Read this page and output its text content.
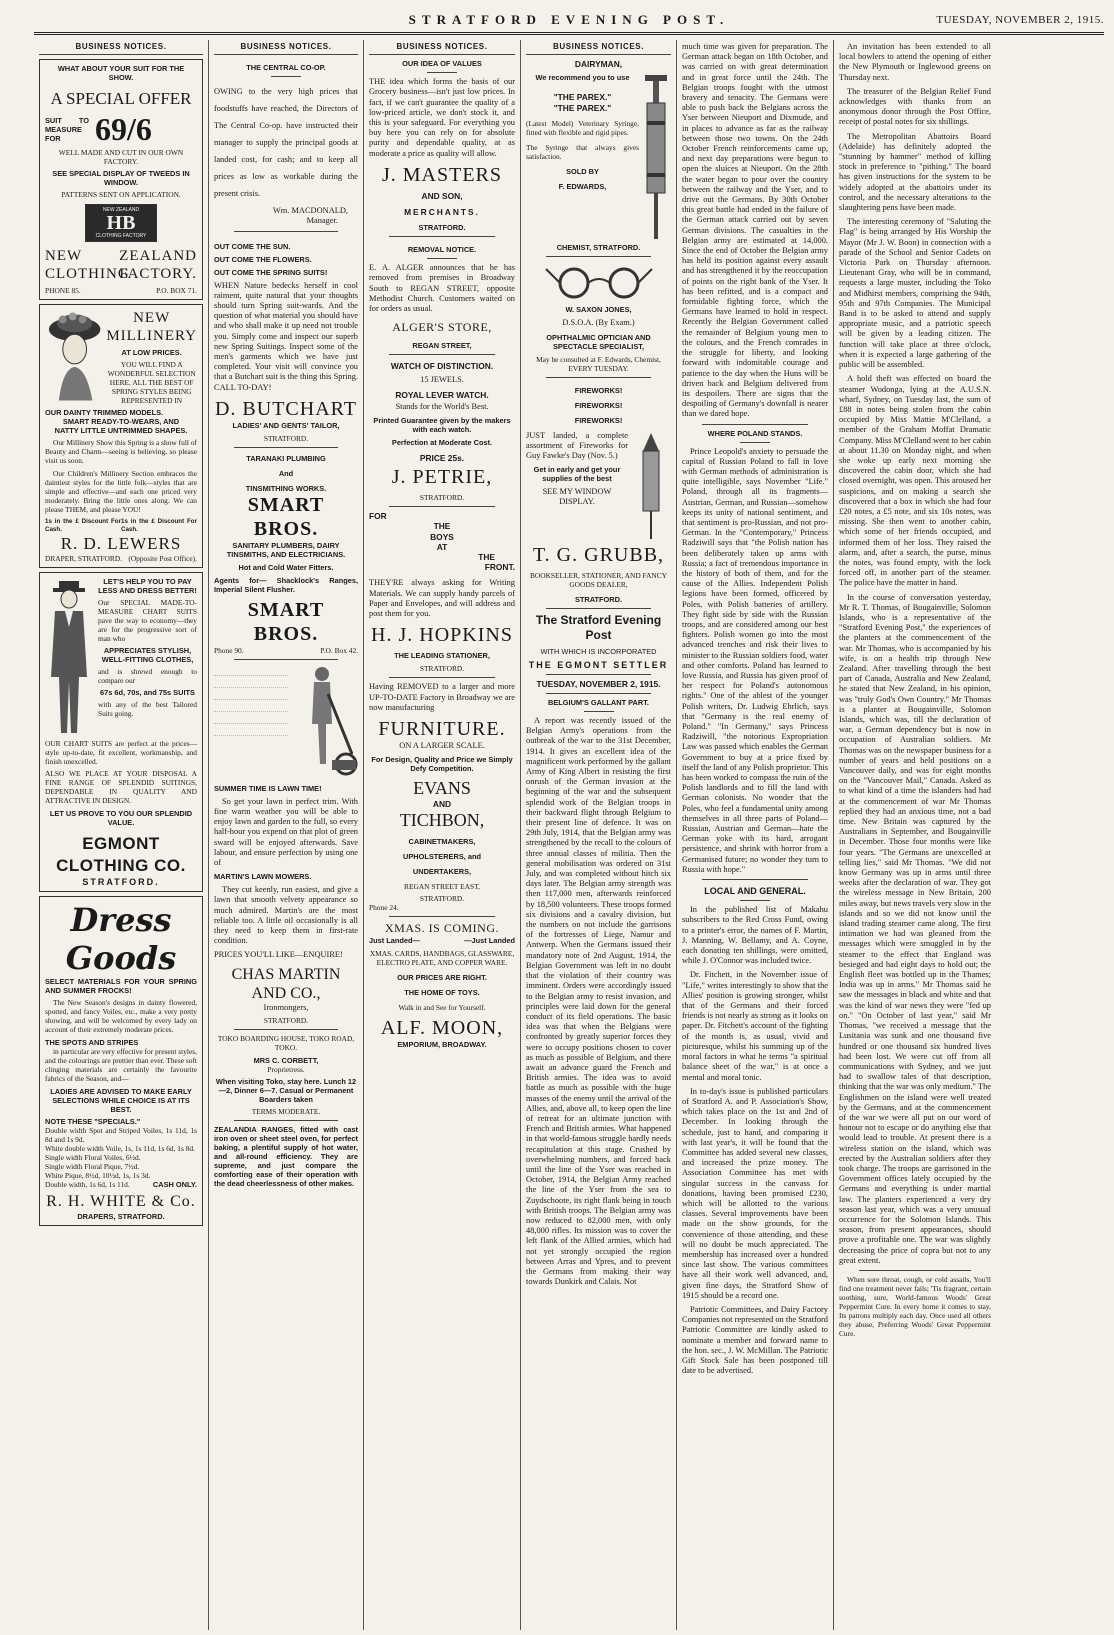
STRATFORD EVENING POST.	TUESDAY, NOVEMBER 2, 1915.
BUSINESS NOTICES.
WHAT ABOUT YOUR SUIT FOR THE SHOW.
A SPECIAL OFFER
SUIT TO MEASURE FOR	69/6
WELL MADE AND CUT IN OUR OWN FACTORY.
SEE SPECIAL DISPLAY OF TWEEDS IN WINDOW.
PATTERNS SENT ON APPLICATION.
NEW ZEALAND
HB
CLOTHING FACTORY
NEW CLOTHING
ZEALAND FACTORY.
PHONE 85.	P.O. BOX 71.
NEW
MILLINERY
AT LOW PRICES.
YOU WILL FIND A WONDERFUL SELECTION HERE. ALL THE BEST OF SPRING STYLES BEING REPRESENTED IN
OUR DAINTY TRIMMED MODELS.
SMART READY-TO-WEARS, AND
NATTY LITTLE UNTRIMMED SHAPES.

Our Millinery Show this Spring is a show full of Beauty and Charm—seeing is believing, so please visit us soon.

Our Children's Millinery Section embraces the daintiest styles for the little folk—styles that are simple and effective—and each one priced very moderately. Bring the little ones along. We can please THEM, and please YOU!

1s in the £ Discount For Cash.
1s in the £ Discount For Cash.
R. D. LEWERS
DRAPER, STRATFORD. (Opposite Post Office).
LET'S HELP YOU TO PAY LESS AND DRESS BETTER!
Our SPECIAL MADE-TO-MEASURE CHART SUITS pave the way to economy—they are for the progressive sort of man who
APPRECIATES STYLISH, WELL-FITTING CLOTHES,
and is shrewd enough to compare our
67s 6d, 70s, and 75s SUITS
with any of the best Tailored Suits going.
OUR CHART SUITS are perfect at the prices—style up-to-date, fit excellent, workmanship, and finish unexcelled.
ALSO WE PLACE AT YOUR DISPOSAL A FINE RANGE OF SPLENDID SUITINGS, DEPENDABLE IN QUALITY AND ATTRACTIVE IN DESIGN.
LET US PROVE TO YOU OUR SPLENDID VALUE.
EGMONT CLOTHING CO.
STRATFORD.
Dress Goods
SELECT MATERIALS FOR YOUR SPRING AND SUMMER FROCKS!

The New Season's designs in dainty flowered, spotted, and fancy Voiles, etc., make a very pretty showing, and will be welcomed by every lady on account of their extremely moderate prices.

THE SPOTS AND STRIPES

in particular are very effective for present styles, and the colourings are prettier than ever. These soft clinging materials are certainly the favourite fabrics of the Season, and—

LADIES ARE ADVISED TO MAKE EARLY SELECTIONS WHILE CHOICE IS AT ITS BEST.
NOTE THESE "SPECIALS."
Double width Spot and Striped Voiles, 1s 11d, 1s 8d and 1s 9d.
White double width Voile, 1s, 1s 11d, 1s 6d, 1s 8d.
Single width Floral Voiles, 6½d.
Single width Floral Pique, 7½d.
White Pique, 8½d, 10½d, 1s, 1s 3d.
Double width, 1s 6d, 1s 11d.	CASH ONLY.
R. H. WHITE & Co.
DRAPERS, STRATFORD.
BUSINESS NOTICES.
THE CENTRAL CO-OP.

OWING to the very high prices that foodstuffs have reached, the Directors of The Central Co-op. have instructed their manager to supply the principal goods at landed cost, for cash; and to keep all prices as low as workable during the present crisis.

Wm. MACDONALD,
Manager.
OUT COME THE SUN.
OUT COME THE FLOWERS.
OUT COME THE SPRING SUITS!

WHEN Nature bedecks herself in cool raiment, quite natural that your thoughts should turn Spring suit-wards. And the question of what material you should have and who shall make it up need not trouble you. Simply come and inspect our superb new Spring Suitings. Inspect some of the men's garments which we have just completed. Your visit will convince you that a Butchart suit is the thing this Spring. CALL TO-DAY!

D. BUTCHART
LADIES' AND GENTS' TAILOR,
STRATFORD.
TARANAKI PLUMBING
And
TINSMITHING WORKS.
SMART BROS.
SANITARY PLUMBERS, DAIRY TINSMITHS, AND ELECTRICIANS.
Hot and Cold Water Fitters.
Agents for— Shacklock's Ranges, Imperial Silent Flusher.
SMART BROS.
Phone 90.	P.O. Box 42.
SUMMER TIME IS LAWN TIME!

So get your lawn in perfect trim. With fine warm weather you will be able to enjoy lawn and garden to the full, so every half-hour you expend on that plot of green sward will be enjoyed afterwards. Save labour, and ensure perfection by using one of

MARTIN'S LAWN MOWERS.

They cut keenly, run easiest, and give a lawn that smooth velvety appearance so much admired. Martin's are the most reliable too. A little oil occasionally is all they need to keep them in first-rate condition.

PRICES YOU'LL LIKE—ENQUIRE!
CHAS MARTIN AND CO.,
Ironmongers,
STRATFORD.
TOKO BOARDING HOUSE, TOKO ROAD, TOKO.
MRS C. CORBETT,
Proprietress.
When visiting Toko, stay here. Lunch 12—2, Dinner 6—7. Casual or Permanent Boarders taken
TERMS MODERATE.
ZEALANDIA RANGES, fitted with cast iron oven or sheet steel oven, for perfect baking, a plentiful supply of hot water, and all-round efficiency. They are supreme, and just compare the comforting ease of their operation with the dead cheerlessness of other makes.
BUSINESS NOTICES.
OUR IDEA OF VALUES

THE idea which forms the basis of our Grocery business—isn't just low prices. In fact, if we can't guarantee the quality of a low-priced article, we don't stock it, and this is your safeguard. For everything you buy here you can rely on for absolute purity and dependable quality, at as moderate a price as quality will allow.

J. MASTERS
AND SON,
MERCHANTS.
STRATFORD.
REMOVAL NOTICE.

E. A. ALGER announces that he has removed from premises in Broadway South to REGAN STREET, opposite Methodist Church. Customers waited on for orders as usual.

ALGER'S STORE,
REGAN STREET,
WATCH OF DISTINCTION.
15 JEWELS.
ROYAL LEVER WATCH.
Stands for the World's Best.
Printed Guarantee given by the makers with each watch.
Perfection at Moderate Cost.
PRICE 25s.
J. PETRIE,
STRATFORD.
FOR
THE
BOYS
AT
THE
FRONT.

THEY'RE always asking for Writing Materials. We can supply handy parcels of Paper and Envelopes, and will address and post them for you.

H. J. HOPKINS
THE LEADING STATIONER,
STRATFORD.

Having REMOVED to a larger and more UP-TO-DATE Factory in Broadway we are now manufacturing

FURNITURE.
ON A LARGER SCALE.
For Design, Quality and Price we Simply Defy Competition.
EVANS
AND
TICHBON,
CABINETMAKERS,
UPHOLSTERERS, and
UNDERTAKERS,
REGAN STREET EAST,
STRATFORD.
Phone 24.
XMAS. IS COMING.
Just Landed—	—Just Landed
XMAS. CARDS, HANDBAGS, GLASSWARE, ELECTRO PLATE, AND COPPER WARE.
OUR PRICES ARE RIGHT.
THE HOME OF TOYS.
Walk in and See for Yourself.
ALF. MOON,
EMPORIUM, BROADWAY.
BUSINESS NOTICES.
DAIRYMAN,
We recommend you to use
"THE PAREX."
"THE PAREX."
(Latest Model) Veterinary Syringe, fitted with flexible and rigid pipes.
The Syringe that always gives satisfaction.
SOLD BY
F. EDWARDS,
CHEMIST, STRATFORD.
W. SAXON JONES,
D.S.O.A. (By Exam.)
OPHTHALMIC OPTICIAN AND SPECTACLE SPECIALIST,
May be consulted at F. Edwards, Chemist, EVERY TUESDAY.
FIREWORKS!
FIREWORKS!
FIREWORKS!

JUST landed, a complete assortment of Fireworks for Guy Fawke's Day (Nov. 5.)

Get in early and get your supplies of the best
SEE MY WINDOW DISPLAY.
T. G. GRUBB,
BOOKSELLER, STATIONER, AND FANCY GOODS DEALER,
STRATFORD.
The Stratford Evening Post
WITH WHICH IS INCORPORATED
THE EGMONT SETTLER
TUESDAY, NOVEMBER 2, 1915.
BELGIUM'S GALLANT PART.

A report was recently issued of the Belgian Army's operations from the outbreak of the war to the 31st December, 1914. It gives an excellent idea of the magnificent work performed by the gallant Army of King Albert in resisting the first onrush of the German invasion at the beginning of the war and the subsequent splendid work of the Belgian troops in their backward flight through Belgium to their present line of defence. It was on 29th July, 1914, that the Belgian army was strengthened by the recall to the colours of three annual classes of militia. Then the general mobilisation was ordered on 31st July, and was completed without hitch six days later. The Belgian army strength was then 117,000 men, afterwards reinforced by 18,500 volunteers. These troops formed six divisions and a cavalry division, but the numbers on not include the garrisons of the fortresses of Liege, Namur and Antwerp. When the Germans issued their mandatory note of 2nd August, 1914, the Belgian Government was left in no doubt that the violation of their country was imminent. Orders were accordingly issued to the Belgian army to resist invasion, and principles were laid down for the general conduct of its field operations. The basic idea was that when the Belgians were confronted by greatly superior forces they were to occupy positions chosen to cover as much as possible of Belgium, and there await an advance guard the French and British armies. The idea was to avoid battle as much as possible with the huge masses of the enemy until the arrival of the Allies, and, above all, to keep open the line of retreat for an ultimate junction with French and British armies. What happened in that world-famous struggle hardly needs recapitulation at this stage. Crushed by overwhelming numbers, and forced back until the line of the Yser was reached in October, 1914, the Belgian Army reached the line of the Yser from the sea to Zuydschoote, its right flank being in touch with British troops. The Belgian army was now reduced to 82,000 men, with only 48,000 rifles. Its mission was to cover the left flank of the Allied armies, which had not yet strongly occupied the region between Arras and Ypres, and to prevent the Germans from making their way towards Dunkirk and Calais. Not

much time was given for preparation. The German attack began on 18th October, and was carried on with great determination and in great force until the 24th. The Belgian troops fought with the utmost bravery and tenacity. The Germans were able to push back the Belgians across the Yser between Nieuport and Dixmude, and in places to advance as far as the railway between those two towns. On the 24th October French reinforcements came up, and next day preparations were begun to open the sluices at Nieuport. On the 28th the water began to pour over the country between the railway and the Yser, and to drive out the Germans. By 30th October this great battle had ended in the failure of the German attack carried out by seven German divisions. The casualties in the Belgian army are estimated at 14,000. Since the end of October the Belgian army has held its position against every assault and has strengthened it by the reoccupation of points on the right bank of the Yser. It has been refitted, and is a compact and formidable fighting force, which the Germans have learned to hold in respect. Recently the Belgian Government called the remainder of Belgium young men to the colours, and the French comrades in the struggle for liberty, and looking forward with indomitable courage and patience to the day when the Huns will be driven back and Belgium delivered from its despoilers. There are signs that the despoiling of Germany's downfall is nearer than we dared hope.

WHERE POLAND STANDS.

Prince Leopold's anxiety to persuade the capital of Russian Poland to fall in love with German methods of administration is quite intelligible, says November "Life." Poland, through all its fragments—Austrian, German, and Russian—somehow keeps its unity of national sentiment, and that sentiment is pro-Russian, and not pro-German. In the "Contemporary," Princess Radziwill says that "the Polish nation has been deliberately taken up arms with Russia; a fact of tremendous importance in the history of both of them, and for the cause of the Allies. Independent Polish legions have been formed, officered by Poles, with Polish batteries of artillery. They fight side by side with the Russian troops, and are considered among our best fighters. Polish women go into the most advanced trenches and risk their lives to minister to the Russian soldiers food, water and other comforts. Poland has learned to love Russia, and Russia has given proof of her respect for Poland's autonomous rights." One of the ablest of the younger Polish writers, Dr. Ludwig Ehrlich, says that "Germany is the real enemy of Poland." "In Germany," says Princess Radziwill, "the notorious Expropriation Law was passed which enables the German Government to buy at a price fixed by itself the land of any Polish proprietor. This has been worked to compass the ruin of the Polish landlords and to fill the land with German colonists. No wonder that the Poles, who feel a fundamental unity among themselves in all three parts of Poland—Russian, Austrian and German—hate the German yoke with its hard, arrogant persistence, and shrink with horror from a Germanised future; no wonder they turn to Russia with hope."

LOCAL AND GENERAL.

In the published list of Makahu subscribers to the Red Cross Fund, owing to a printer's error, the names of F. Martin, J. Manning, W. Bellamy, and A. Coyne, each donating ten shillings, were omitted, while J. O'Connor was included twice.

Dr. Fitchett, in the November issue of "Life," writes interestingly to show that the Allies' position is growing stronger, whilst that of the Germans and their forced friends is not nearly as strong as it looks on paper. Dr. Fitchett's account of the fighting of the month is, as usual, vivid and picturesque, whilst his summing up of the moral factors in what he terms "a spiritual balance sheet of the war," is at once a mental and moral tonic.

In to-day's issue is published particulars of Stratford A. and P. Association's Show, which takes place on the 1st and 2nd of December. In looking through the schedule, just to hand, and comparing it with last year's, it will be found that the Committee has added several new classes, and increased the prize money. The Association Committee has met with singular success in the canvass for donations, having been promised £230, which will be allotted to the various classes. Several improvements have been made on the show grounds, for the convenience of those attending, and these will no doubt be much appreciated. The membership has increased over a hundred since last show. The various committees have all their work well advanced, and, given fine days, the Stratford Show of 1915 should be a record one.

Patriotic Committees, and Dairy Factory Companies not represented on the Stratford Patriotic Committee are kindly asked to nominate a member and forward name to the hon. sec., J. W. McMillan. The Patriotic Gift Stock Sale has been postponed till date to be advertised.

An invitation has been extended to all local bowlers to attend the opening of either the New Plymouth or Inglewood greens on Thursday next.

The treasurer of the Belgian Relief Fund acknowledges with thanks from an anonymous donor through the Post Office, receipt of postal notes for six shillings.

The Metropolitan Abattoirs Board (Adelaide) has definitely adopted the "stunning by hammer" method of killing stock in preference to "pithing." The board has given instructions for the system to be widely adopted at the abattoirs under its control, and the necessary alterations to the slaughtering pens have been made.

The interesting ceremony of "Saluting the Flag" is being arranged by His Worship the Mayor (Mr J. W. Boon) in connection with a parade of the School and Senior Cadets on Victoria Park on Thursday afternoon. Lieutenant Gray, who will be in command, requests a large muster, including the Toko and Midhirst members, comprising the 94th, 95th and 97th Companies. The Municipal Band is to be asked to attend and supply appropriate music, and a patriotic speech will be given by a leading citizen. The function will take place at three o'clock, when it is expected a large gathering of the public will be assembled.

A hold theft was effected on board the steamer Wodonga, lying at the A.U.S.N. wharf, Sydney, on Tuesday last, the sum of £88 in notes being stolen from the cabin occupied by Miss Mattie M'Clelland, a member of the Graham Moffat Dramatic Company. Miss M'Clelland went to her cabin at about 11.30 on Monday night, and when she woke up early next morning she discovered the cabin door, which she had closed overnight, was open. This aroused her suspicions, and on making a search she discovered that a box in which she had four £20 notes, a £5 note, and six 10s notes, was missing. She then went to another cabin, which some of her friends occupied, and informed them of her loss. They raised the alarm, and, after a search, the purse, minus the notes, was found empty, with the lock forced off, in another part of the steamer. The police have the matter in hand.

In the course of conversation yesterday, Mr R. T. Thomas, of Bougainville, Solomon Islands, who is a representative of the "Stratford Evening Post," the experiences of the planters at the commencement of the war. Mr Thomas, who is accompanied by his wife, is on a health trip through New Zealand. After travelling through the best part of Canada, Australia and New Zealand, he stated that New Zealand, in his opinion, was "truly God's Own Country." Mr Thomas is a planter at Bougainville, Solomon Islands, which was, till the declaration of war, a German dependency but is now in occupation of Australian soldiers. Mr Thomas was on the newspaper business for a number of years and held positions on a Vancouver daily, and was for eight months on the "Vancouver Mail," Canada. Asked as to what kind of a time the islanders had had at the commencement of war Mr Thomas replied they had an anxious time, not a bad time. New Britain was captured by the Australians in September, and Bougainville in December. Those four months were like four years. "The Germans are unexcelled at telling lies," said Mr Thomas. "We did not know Germany was up in arms until three weeks after the declaration of war. They got the wireless message in New Britain, 200 miles away, but news travels very slow in the islands and so we did not know until the island trading steamer came along. The first intimation we had was gleaned from the messages which were smuggled in by the steamer to the effect that England was besieged and had eight days to hold out; the English fleet was bottled up in the Thames; India was up in arms." Mr Thomas said he saw the messages in black and white and that was the kind of war news they were "fed up on." "On October of last year," said Mr Thomas, "we received a message that the Lusitania was sunk and one thousand five hundred or one thousand six hundred lives had been lost. We were cut off from all communications with Sydney, and we just had to swallow tales of that description, thinking that the war was only medium." The Englishmen on the island were well treated by the Germans, and at the commencement of the war we were all put on our word of honour not to escape or do anything else that would lead to trouble. At present there is a wireless station on the island, which was erected by the Australian soldiers after they took charge. The troops are garrisoned in the Government offices lately occupied by the Germans and everything is under martial law. The planters experienced a very dry season last year, which was a very unusual occurrence for the Solomon Islands. This season, from present appearances, should prove a profitable one. The war was slightly decreasing the price of copra but not to any great extent.

When sore throat, cough, or cold assails, You'll find one treatment never fails; 'Tis fragrant, certain soothing, sure, World-famous Woods' Great Peppermint Cure. In every home it comes to stay, Its patrons multiply each day. Once used all others they abuse, Preferring Woods' Great Peppermint Cure.
